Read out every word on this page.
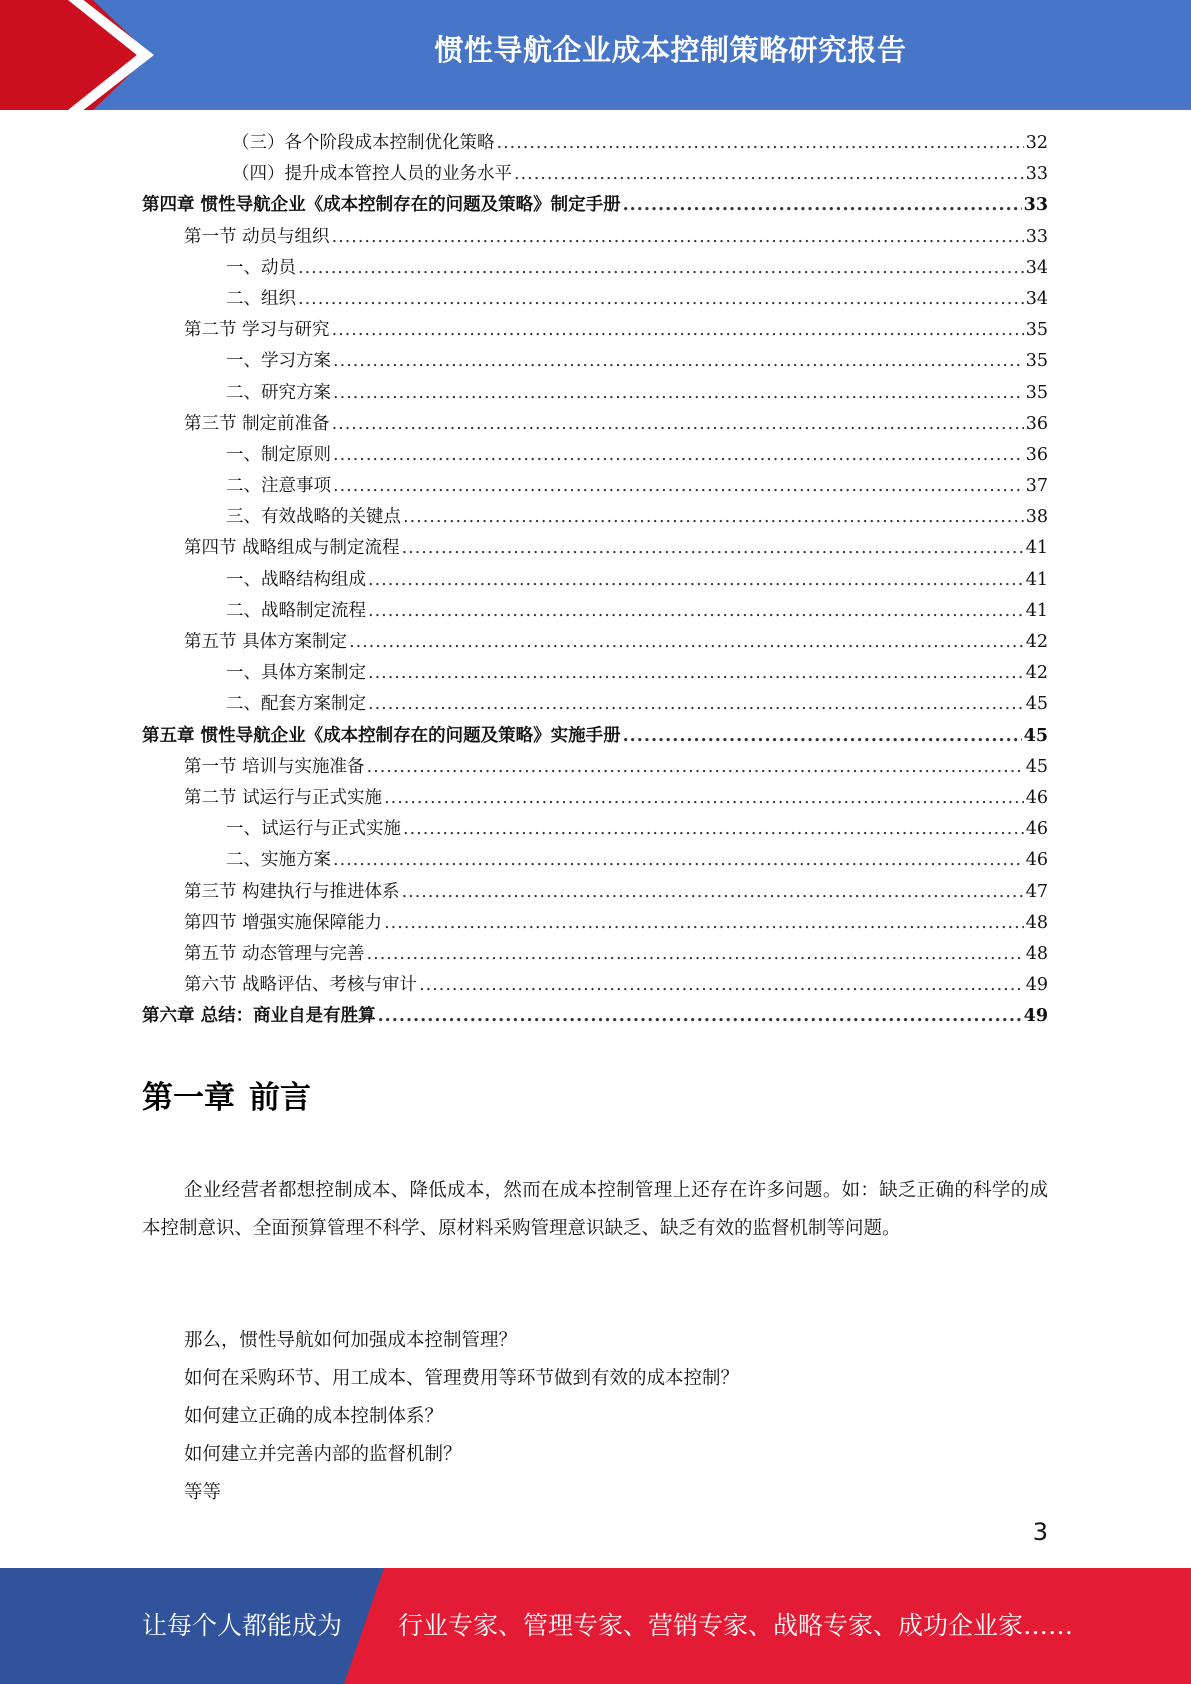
惯性导航企业成本控制策略研究报告
（三）各个阶段成本控制优化策略 .....	32
（四）提升成本管控人员的业务水平 .....	33
第四章 惯性导航企业《成本控制存在的问题及策略》制定手册 .....	33
第一节 动员与组织 .....	33
一、动员 .....	34
二、组织 .....	34
第二节 学习与研究 .....	35
一、学习方案 .....	35
二、研究方案 .....	35
第三节 制定前准备 .....	36
一、制定原则 .....	36
二、注意事项 .....	37
三、有效战略的关键点 .....	38
第四节 战略组成与制定流程 .....	41
一、战略结构组成 .....	41
二、战略制定流程 .....	41
第五节 具体方案制定 .....	42
一、具体方案制定 .....	42
二、配套方案制定 .....	45
第五章 惯性导航企业《成本控制存在的问题及策略》实施手册 .....	45
第一节 培训与实施准备 .....	45
第二节 试运行与正式实施 .....	46
一、试运行与正式实施 .....	46
二、实施方案 .....	46
第三节 构建执行与推进体系 .....	47
第四节 增强实施保障能力 .....	48
第五节 动态管理与完善 .....	48
第六节 战略评估、考核与审计 .....	49
第六章 总结：商业自是有胜算 .....	49
第一章 前言

企业经营者都想控制成本、降低成本，然而在成本控制管理上还存在许多问题。如：缺乏正确的科学的成本控制意识、全面预算管理不科学、原材料采购管理意识缺乏、缺乏有效的监督机制等问题。

那么，惯性导航如何加强成本控制管理？
如何在采购环节、用工成本、管理费用等环节做到有效的成本控制？
如何建立正确的成本控制体系？
如何建立并完善内部的监督机制？
等等
3
让每个人都能成为 行业专家、管理专家、营销专家、战略专家、成功企业家……
